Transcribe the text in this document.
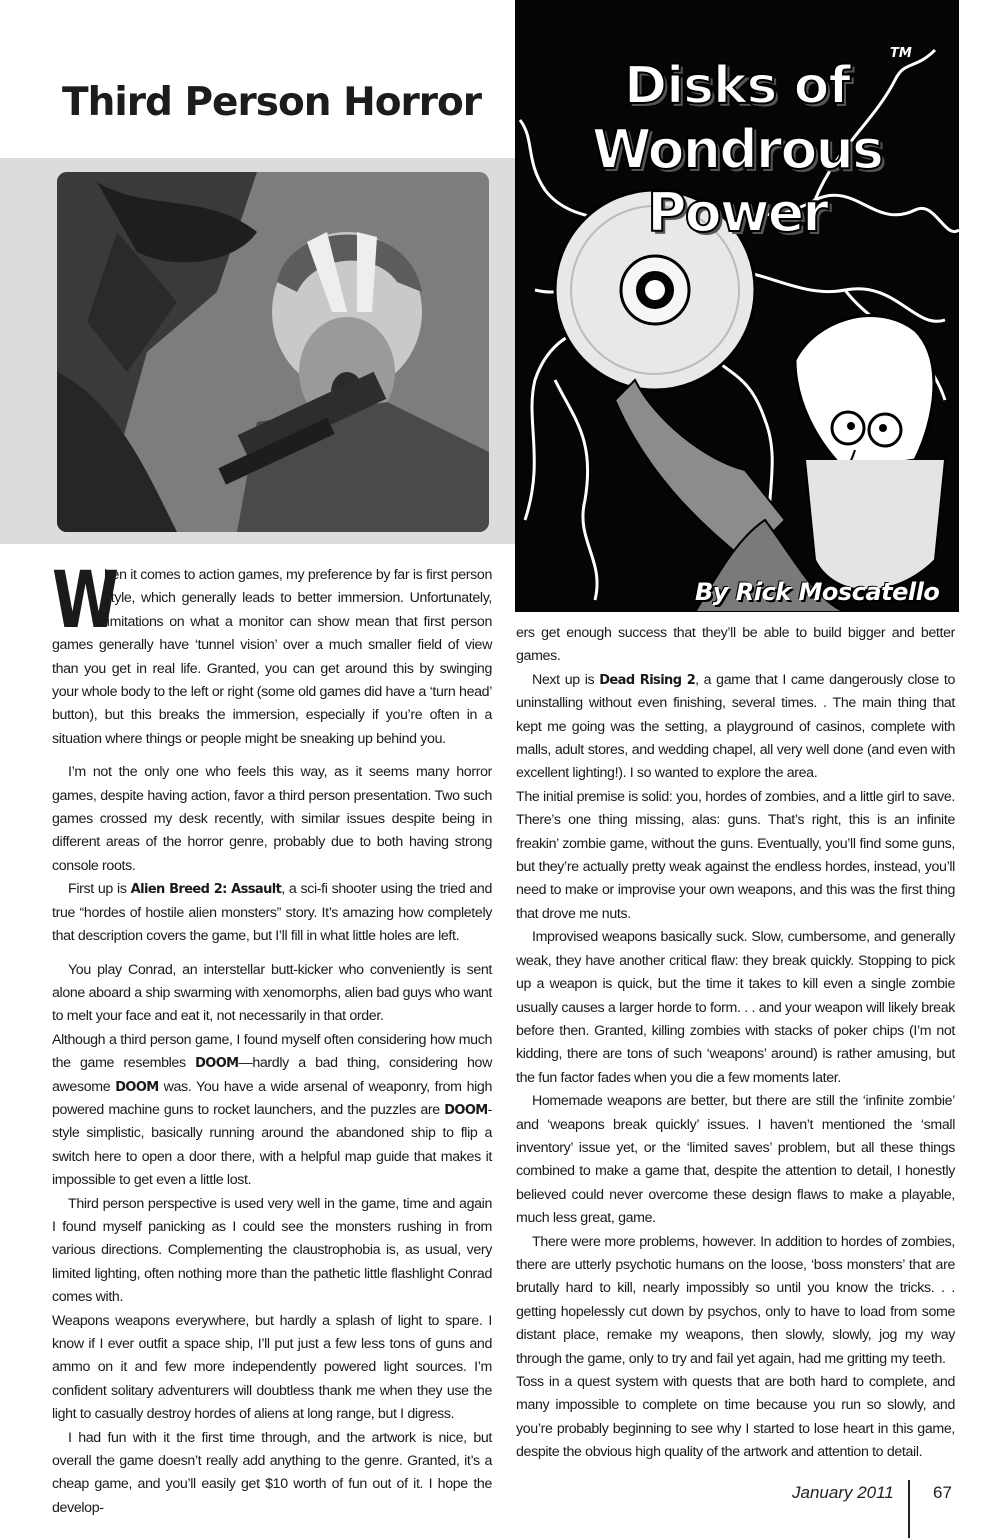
Third Person Horror	Disks of
Wondrous Power
TM
By Rick Moscatello

W
hen it comes to action games, my preference by far is first person style, which generally leads to better immersion. Unfortunately, limitations on what a monitor can show mean that first person games generally have ‘tunnel vision’ over a much smaller field of view than you get in real life. Granted, you can get around this by swinging your whole body to the left or right (some old games did have a ‘turn head’ button), but this breaks the immersion, especially if you’re often in a situation where things or people might be sneaking up behind you.

I’m not the only one who feels this way, as it seems many horror games, despite having action, favor a third person presentation. Two such games crossed my desk recently, with similar issues despite being in different areas of the horror genre, probably due to both having strong console roots.

First up is Alien Breed 2: Assault, a sci-fi shooter using the tried and true “hordes of hostile alien monsters” story. It’s amazing how completely that description covers the game, but I’ll fill in what little holes are left.

You play Conrad, an interstellar butt-kicker who conveniently is sent alone aboard a ship swarming with xenomorphs, alien bad guys who want to melt your face and eat it, not necessarily in that order.

Although a third person game, I found myself often considering how much the game resembles DOOM—hardly a bad thing, considering how awesome DOOM was. You have a wide arsenal of weaponry, from high powered machine guns to rocket launchers, and the puzzles are DOOM-style simplistic, basically running around the abandoned ship to flip a switch here to open a door there, with a helpful map guide that makes it impossible to get even a little lost.

Third person perspective is used very well in the game, time and again I found myself panicking as I could see the monsters rushing in from various directions. Complementing the claustrophobia is, as usual, very limited lighting, often nothing more than the pathetic little flashlight Conrad comes with.

Weapons weapons everywhere, but hardly a splash of light to spare. I know if I ever outfit a space ship, I’ll put just a few less tons of guns and ammo on it and few more independently powered light sources. I’m confident solitary adventurers will doubtless thank me when they use the light to casually destroy hordes of aliens at long range, but I digress.

I had fun with it the first time through, and the artwork is nice, but overall the game doesn’t really add anything to the genre. Granted, it’s a cheap game, and you’ll easily get $10 worth of fun out of it. I hope the develop-

ers get enough success that they’ll be able to build bigger and better games.

Next up is Dead Rising 2, a game that I came dangerously close to uninstalling without even finishing, several times. . The main thing that kept me going was the setting, a playground of casinos, complete with malls, adult stores, and wedding chapel, all very well done (and even with excellent lighting!). I so wanted to explore the area.

The initial premise is solid: you, hordes of zombies, and a little girl to save. There’s one thing missing, alas: guns. That’s right, this is an infinite freakin’ zombie game, without the guns. Eventually, you’ll find some guns, but they’re actually pretty weak against the endless hordes, instead, you’ll need to make or improvise your own weapons, and this was the first thing that drove me nuts.

Improvised weapons basically suck. Slow, cumbersome, and generally weak, they have another critical flaw: they break quickly. Stopping to pick up a weapon is quick, but the time it takes to kill even a single zombie usually causes a larger horde to form. . . and your weapon will likely break before then. Granted, killing zombies with stacks of poker chips (I’m not kidding, there are tons of such ‘weapons’ around) is rather amusing, but the fun factor fades when you die a few moments later.

Homemade weapons are better, but there are still the ‘infinite zombie’ and ‘weapons break quickly’ issues. I haven’t mentioned the ‘small inventory’ issue yet, or the ‘limited saves’ problem, but all these things combined to make a game that, despite the attention to detail, I honestly believed could never overcome these design flaws to make a playable, much less great, game.

There were more problems, however. In addition to hordes of zombies, there are utterly psychotic humans on the loose, ‘boss monsters’ that are brutally hard to kill, nearly impossibly so until you know the tricks. . . getting hopelessly cut down by psychos, only to have to load from some distant place, remake my weapons, then slowly, slowly, jog my way through the game, only to try and fail yet again, had me gritting my teeth.

Toss in a quest system with quests that are both hard to complete, and many impossible to complete on time because you run so slowly, and you’re probably beginning to see why I started to lose heart in this game, despite the obvious high quality of the artwork and attention to detail.

January 2011 67
